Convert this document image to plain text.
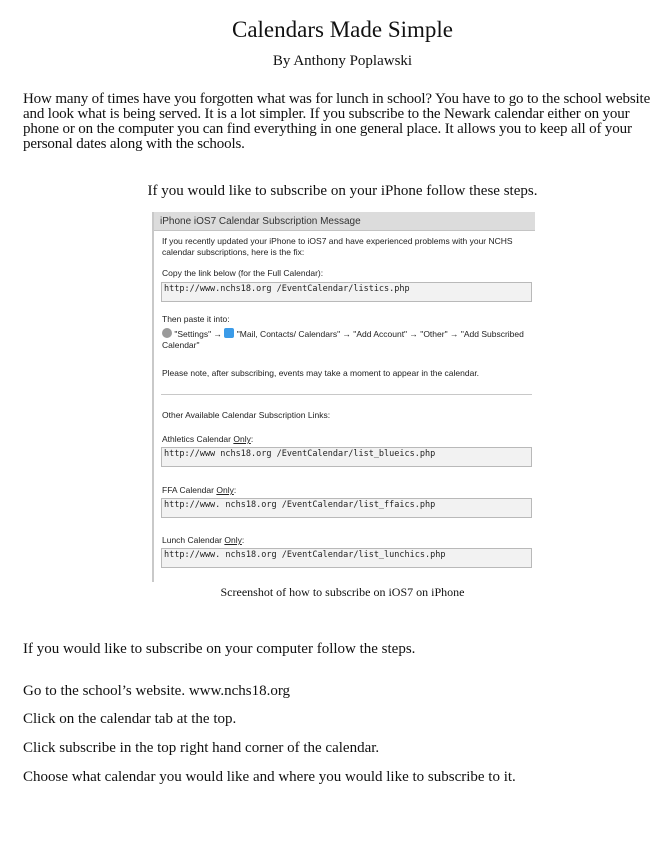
Calendars Made Simple
By Anthony Poplawski

How many of times have you forgotten what was for lunch in school? You have to go to the school website and look what is being served. It is a lot simpler. If you subscribe to the Newark calendar either on your phone or on the computer you can find everything in one general place. It allows you to keep all of your personal dates along with the schools.

If you would like to subscribe on your iPhone follow these steps.
iPhone iOS7 Calendar Subscription Message

If you recently updated your iPhone to iOS7 and have experienced problems with your NCHS calendar subscriptions, here is the fix:

Copy the link below (for the Full Calendar):

http://www.nchs18.org /EventCalendar/listics.php

Then paste it into:

"Settings" → "Mail, Contacts/ Calendars" → "Add Account" → "Other" → "Add Subscribed Calendar"

Please note, after subscribing, events may take a moment to appear in the calendar.

Other Available Calendar Subscription Links:

Athletics Calendar Only:

http://www nchs18.org /EventCalendar/list_blueics.php

FFA Calendar Only:

http://www. nchs18.org /EventCalendar/list_ffaics.php

Lunch Calendar Only:

http://www. nchs18.org /EventCalendar/list_lunchics.php
Screenshot of how to subscribe on iOS7 on iPhone
If you would like to subscribe on your computer follow the steps.
Go to the school’s website. www.nchs18.org
Click on the calendar tab at the top.
Click subscribe in the top right hand corner of the calendar.
Choose what calendar you would like and where you would like to subscribe to it.
